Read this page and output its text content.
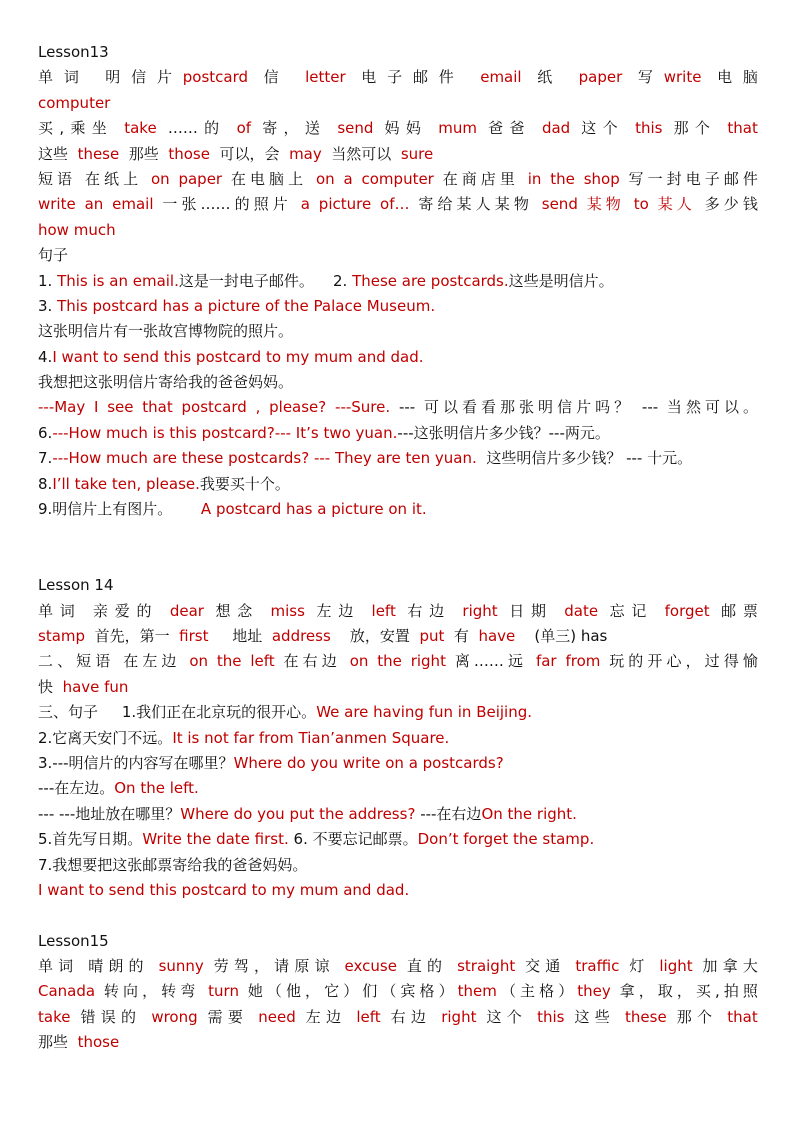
Lesson13
单词 明信片postcard 信 letter 电子邮件 email 纸 paper 写write 电脑
computer
买,乘坐 take ……的 of 寄，送 send 妈妈 mum 爸爸 dad 这个 this 那个 that
这些 these 那些 those 可以，会 may 当然可以 sure
短语 在纸上 on paper 在电脑上 on a computer 在商店里 in the shop 写一封电子邮件
write an email 一张……的照片 a picture of… 寄给某人某物 send 某物 to 某人 多少钱
how much
句子
1. This is an email.这是一封电子邮件。 2. These are postcards.这些是明信片。
3. This postcard has a picture of the Palace Museum.
这张明信片有一张故宫博物院的照片。
4.I want to send this postcard to my mum and dad.
我想把这张明信片寄给我的爸爸妈妈。
---May I see that postcard , please? ---Sure. --- 可以看看那张明信片吗？ --- 当然可以。
6.---How much is this postcard?--- It’s two yuan.---这张明信片多少钱？---两元。
7.---How much are these postcards? --- They are ten yuan. 这些明信片多少钱？ --- 十元。
8.I’ll take ten, please.我要买十个。
9.明信片上有图片。 A postcard has a picture on it.
Lesson 14
单词 亲爱的 dear 想念 miss 左边 left 右边 right 日期 date 忘记 forget 邮票
stamp 首先，第一 first 地址 address 放，安置 put 有 have (单三) has
二、短语 在左边 on the left 在右边 on the right 离……远 far from 玩的开心，过得愉
快 have fun
三、句子 1.我们正在北京玩的很开心。We are having fun in Beijing.
2.它离天安门不远。It is not far from Tian’anmen Square.
3.---明信片的内容写在哪里？Where do you write on a postcards?
---在左边。On the left.
--- ---地址放在哪里？Where do you put the address? ---在右边On the right.
5.首先写日期。Write the date first. 6. 不要忘记邮票。Don’t forget the stamp.
7.我想要把这张邮票寄给我的爸爸妈妈。
I want to send this postcard to my mum and dad.
Lesson15
单词 晴朗的 sunny 劳驾，请原谅 excuse 直的 straight 交通 traffic 灯 light 加拿大
Canada 转向，转弯 turn 她（他，它）们（宾格）them（主格）they 拿，取，买,拍照
take 错误的 wrong 需要 need 左边 left 右边 right 这个 this 这些 these 那个 that
那些 those
